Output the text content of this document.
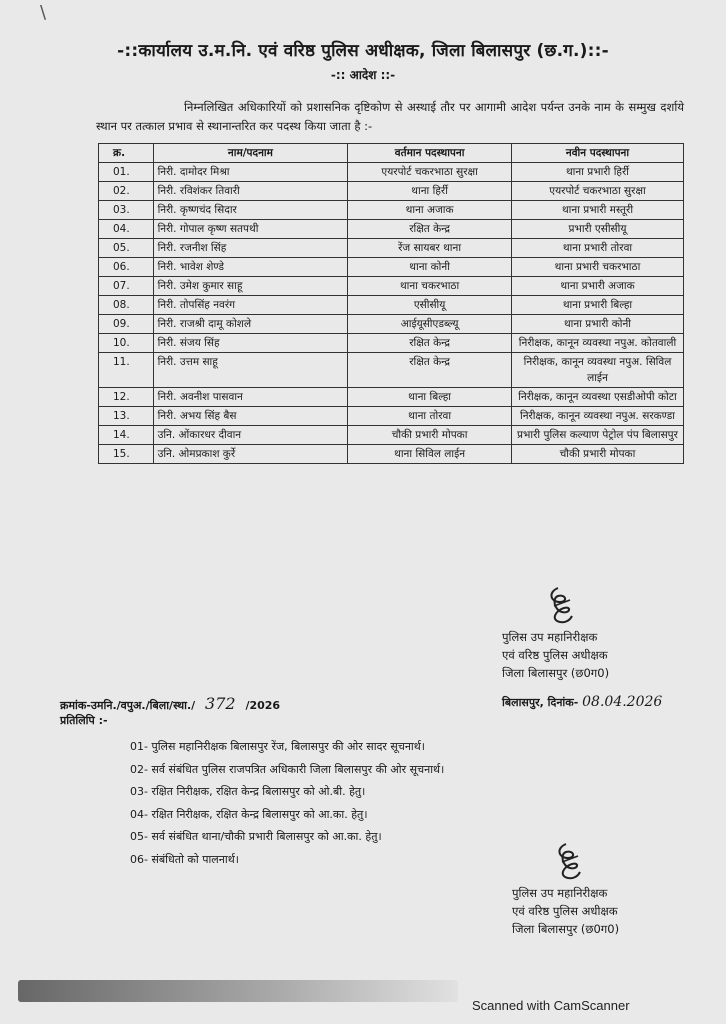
\
-::कार्यालय उ.म.नि. एवं वरिष्ठ पुलिस अधीक्षक, जिला बिलासपुर (छ.ग.)::-
-:: आदेश ::-
निम्नलिखित अधिकारियों को प्रशासनिक दृष्टिकोण से अस्थाई तौर पर आगामी आदेश पर्यन्त उनके नाम के सम्मुख दर्शाये स्थान पर तत्काल प्रभाव से स्थानान्तरित कर पदस्थ किया जाता है :-
क्र.	नाम/पदनाम	वर्तमान पदस्थापना	नवीन पदस्थापना
01.	निरी. दामोदर मिश्रा	एयरपोर्ट चकरभाठा सुरक्षा	थाना प्रभारी हिर्री
02.	निरी. रविशंकर तिवारी	थाना हिर्री	एयरपोर्ट चकरभाठा सुरक्षा
03.	निरी. कृष्णचंद सिदार	थाना अजाक	थाना प्रभारी मस्तूरी
04.	निरी. गोपाल कृष्ण सतपथी	रक्षित केन्द्र	प्रभारी एसीसीयू
05.	निरी. रजनीश सिंह	रेंज सायबर थाना	थाना प्रभारी तोरवा
06.	निरी. भावेश शेण्डे	थाना कोनी	थाना प्रभारी चकरभाठा
07.	निरी. उमेश कुमार साहू	थाना चकरभाठा	थाना प्रभारी अजाक
08.	निरी. तोपसिंह नवरंग	एसीसीयू	थाना प्रभारी बिल्हा
09.	निरी. राजश्री दामू कोशले	आईयूसीएडब्ल्यू	थाना प्रभारी कोनी
10.	निरी. संजय सिंह	रक्षित केन्द्र	निरीक्षक, कानून व्यवस्था नपुअ. कोतवाली
11.	निरी. उत्तम साहू	रक्षित केन्द्र	निरीक्षक, कानून व्यवस्था नपुअ. सिविल लाईन
12.	निरी. अवनीश पासवान	थाना बिल्हा	निरीक्षक, कानून व्यवस्था एसडीओपी कोटा
13.	निरी. अभय सिंह बैस	थाना तोरवा	निरीक्षक, कानून व्यवस्था नपुअ. सरकण्डा
14.	उनि. ओंकारधर दीवान	चौकी प्रभारी मोपका	प्रभारी पुलिस कल्याण पेट्रोल पंप बिलासपुर
15.	उनि. ओमप्रकाश कुर्रे	थाना सिविल लाईन	चौकी प्रभारी मोपका
पुलिस उप महानिरीक्षक
एवं वरिष्ठ पुलिस अधीक्षक
जिला बिलासपुर (छ0ग0)
क्रमांक-उमनि./वपुअ./बिला/स्था./ 372 /2026	बिलासपुर, दिनांक- 08.04.2026
प्रतिलिपि :-
01- पुलिस महानिरीक्षक बिलासपुर रेंज, बिलासपुर की ओर सादर सूचनार्थ।
02- सर्व संबंधित पुलिस राजपत्रित अधिकारी जिला बिलासपुर की ओर सूचनार्थ।
03- रक्षित निरीक्षक, रक्षित केन्द्र बिलासपुर को ओ.बी. हेतु।
04- रक्षित निरीक्षक, रक्षित केन्द्र बिलासपुर को आ.का. हेतु।
05- सर्व संबंधित थाना/चौकी प्रभारी बिलासपुर को आ.का. हेतु।
06- संबंधितो को पालनार्थ।
पुलिस उप महानिरीक्षक
एवं वरिष्ठ पुलिस अधीक्षक
जिला बिलासपुर (छ0ग0)
Scanned with CamScanner
